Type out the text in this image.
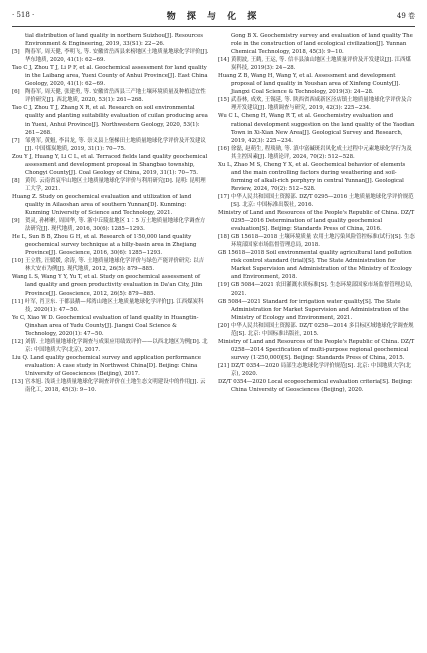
· 518 ·	物 探 与 化 探	49 卷

tial distribution of land quality in northern Suizhou[J]. Resources Environment & Engineering, 2019, 33(S1): 22−26.

[5] 陶春军, 周天健, 李明飞, 等. 安徽省岳西县来榜地区土地质量地球化学评价[J]. 华东地质, 2020, 41(1): 62−69.

Tao C J, Zhou T J, Li P F, et al. Geochemical assessment for land quality in the Laibang area, Yuexi County of Anhui Province[J]. East China Geology, 2020, 41(1): 62−69.

[6] 陶春军, 周天健, 张建勇, 等. 安徽省岳西县三产地土壤环境质量及种植适宜性评价研究[J]. 西北地质, 2020, 53(1): 261−268.

Tao C J, Zhou T J, Zhang X R, et al. Research on soil environmental quality and planting suitability evaluation of cuilan producing area in Yuexi, Anhui Province[J]. Northwestern Geology, 2020, 53(1): 261−268.

[7] 邹勇军, 黄魁, 李昌龙, 等. 崇义县上堡梯田土地质量地球化学评价及开发建议[J]. 中国煤炭地质, 2019, 31(1): 70−75.

Zou Y J, Huang Y, Li C L, et al. Terraced fields land quality geochemical assessment and development proposal in Shangbao township, Chongyi County[J]. Coal Geology of China, 2019, 31(1): 70−75.

[8] 黄钊. 云南省哀牢山地区土地质量地球化学评价与利用研究[D]. 昆明: 昆明理工大学, 2021.

Huang Z. Study on geochemical evaluation and utilization of land quality in Ailaoshan area of southern Yunnan[D]. Kunming: Kunming University of Science and Technology, 2021.

[9] 贺灵, 孙彬彬, 周国华, 等. 浙中丘陵盆地区 1∶5 万土地质量地球化学调查方法研究[J]. 现代地质, 2016, 30(6): 1285−1293.

He L, Sun B B, Zhou G H, et al. Research of 1∶50,000 land quality geochemical survey technique at a hilly-basin area in Zhejiang Province[J]. Geoscience, 2016, 30(6): 1285−1293.

[10] 王立胜, 汪媛媛, 余涛, 等. 土地质量地球化学评价与绿色产能评价研究: 以吉林大安市为例[J]. 现代地质, 2012, 26(5): 879−885.

Wang L S, Wang Y Y, Yu T, et al. Study on geochemical assessment of land quality and green productivity evaluation in Da'an City, Jilin Province[J]. Geoscience, 2012, 26(5): 879−885.

[11] 叶军, 肖卫东. 于都县鹅—邦湾山地区土地质量地球化学评价[J]. 江西煤炭科技, 2020(1): 47−50.

Ye C, Xiao W D. Geochemical evaluation of land quality in Huangtin-Qinshan area of Yudu County[J]. Jiangxi Coal Science & Technology, 2020(1): 47−50.

[12] 刘倩. 土地质量地球化学调查与成果应用绩效评价——以西北地区为例[D]. 北京: 中国地质大学(北京), 2017.

Liu Q. Land quality geochemical survey and application performance evaluation: A case study in Northwest China[D]. Beijing: China University of Geosciences (Beijing), 2017.

[13] 宫本旭. 浅谈土地质量地球化学调查评价在土地生态文明建设中的作用[J]. 云南化工, 2018, 45(3): 9−10.

Gong B X. Geochemistry survey and evaluation of land quality The role in the construction of land ecological civilization[J]. Yunnan Chemical Technology, 2018, 45(3): 9−10.

[14] 黄朝波, 王鹤, 王运, 等. 信丰县油山地区土地质量评价及开发建议[J]. 江西煤炭科技, 2019(3): 24−28.

Huang Z B, Wang H, Wang Y, et al. Assessment and development proposal of land quality in Youshan area of Xinfeng County[J]. Jiangxi Coal Science & Technology, 2019(3): 24−28.

[15] 武春林, 成欢, 王锡延, 等. 陕西省西咸新区泾店镇土地质量地球化学评价及合理开发建议[J]. 地质调查与研究, 2019, 42(3): 225−234.

Wu C L, Cheng H, Wang R T, et al. Geochemistry evaluation and rational development suggestion on the land quality of the Yaodian Town in Xi-Xian New Area[J]. Geological Survey and Research, 2019, 42(3): 225−234.

[16] 徐磊, 赵萌生, 程琰勋, 等. 滇中富碱斑岩风化成土过程中元素地球化学行为及其主控因素[J]. 地质论评, 2024, 70(2): 512−528.

Xu L, Zhao M S, Cheng Y X, et al. Geochemical behavior of elements and the main controlling factors during weathering and soil-forming of alkali-rich porphyry in central Yunnan[J]. Geological Review, 2024, 70(2): 512−528.

[17] 中华人民共和国国土资源部. DZ/T 0295—2016 土地质量地球化学评价规范[S]. 北京: 中国标准出版社, 2016.

Ministry of Land and Resources of the People's Republic of China. DZ/T 0295—2016 Determination of land quality geochemical evaluation[S]. Beijing: Standards Press of China, 2016.

[18] GB 15618—2018 土壤环境质量 农用土地污染风险管控标准(试行)[S]. 生态环境部国家市场监督管理总局, 2018.

GB 15618—2018 Soil environmental quality agricultural land pollution risk control standard (trial)[S]. The State Administration for Market Supervision and Administration of the Ministry of Ecology and Environment, 2018.

[19] GB 5084—2021 农田灌溉水质标准[S]. 生态环境部国家市场监督管理总局, 2021.

GB 5084—2021 Standard for irrigation water quality[S]. The State Administration for Market Supervision and Administration of the Ministry of Ecology and Environment, 2021.

[20] 中华人民共和国国土资源部. DZ/T 0258—2014 多目标区域地球化学调查规范[S]. 北京: 中国标准出版社, 2015.

Ministry of Land and Resources of the People's Republic of China. DZ/T 0258—2014 Specification of multi-purpose regional geochemical survey (1∶250,000)[S]. Beijing: Standards Press of China, 2015.

[21] DZ/T 0354—2020 局部生态地球化学评价规范[S]. 北京: 中国地质大学(北京), 2020.

DZ/T 0354—2020 Local ecogeochemical evaluation criteria[S]. Beijing: China University of Geosciences (Beijing), 2020.
